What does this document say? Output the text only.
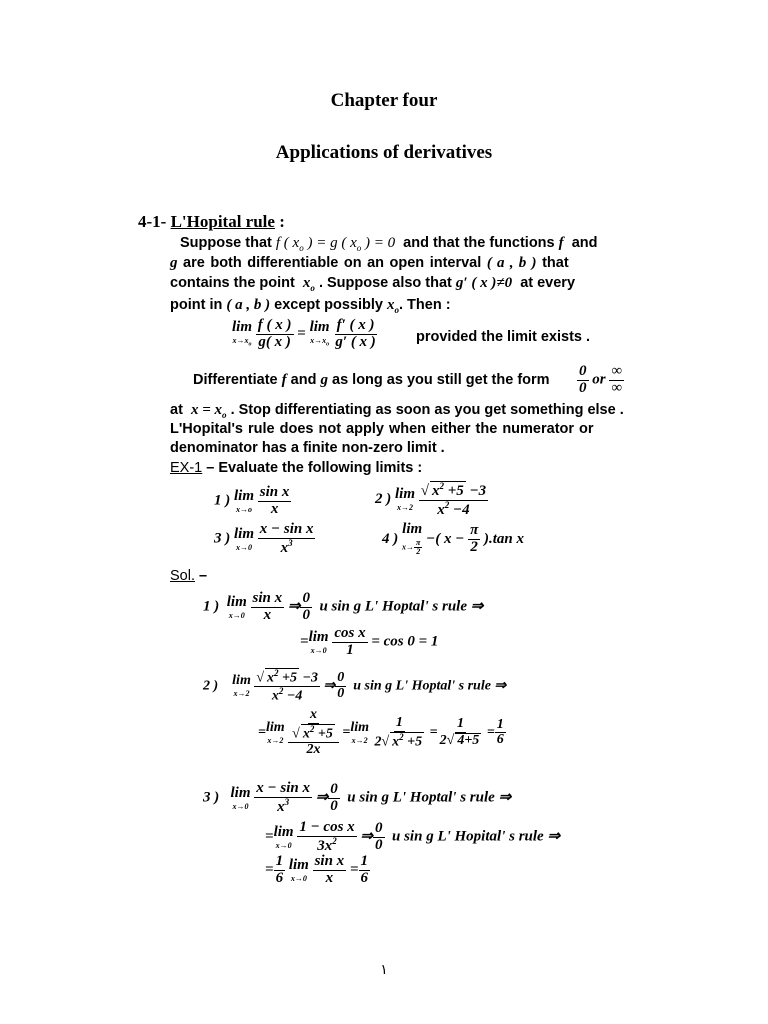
Chapter four
Applications of derivatives
4-1- L'Hopital rule :
Suppose that f ( $x_o$ ) = g ( $x_o$ ) = 0 and that the functions f and
g are both differentiable on an open interval ( a , b ) that
contains the point $x_o$ . Suppose also that g′ ( x )≠0 at every
point in ( a , b ) except possibly $x_o$. Then :
lim
$x\to x_o$
$\frac{f ( x )}{g( x )} = \lim$
$x\to x_o$
$\frac{f' ( x )}{g' ( x )}$	provided the limit exists .
Differentiate f and g as long as you still get the form $\frac{0}{0}$ or $\frac{\infty}{\infty}$
at $x = x_o$ . Stop differentiating as soon as you get something else .
L'Hopital's rule does not apply when either the numerator or
denominator has a finite non-zero limit .
EX-1 – Evaluate the following limits :
1 ) lim
x→o
$\frac{\text{sin x}}{x}$	2 ) lim
x→2
$\frac{√ x^2 +5 -3}{x^2 -4}$
3 ) lim
x→0
$\frac{\text{x − sin x}}{x^3}$	4 )
lim
$x\to \frac{\pi}{2}$
−( $x - \frac{\pi}{2} ).\tan$ x
Sol. –
1 ) lim
x→0
$\frac{\text{sin x}}{x}$ ⇒ $\frac{0}{0}$ u sin g L' Hoptal' s rule ⇒
= lim
x→0
$\frac{\text{cos x}}{1} = \cos 0 = 1$
2 ) lim
x→2
$\frac{√ x^2 +5 -3}{x^2 -4}$ ⇒ $\frac{0}{0}$ u sin g L' Hoptal' s rule ⇒
= lim
x→2
$\frac{\frac{x}{√ x^2 +5}}{2x} = \lim$
x→2
$\frac{1}{2√ x^2 +5} = \frac{1}{2√ 4+5} = \frac{1}{6}$
3 ) lim
x→0
$\frac{\text{x − sin x}}{x^3}$ ⇒ $\frac{0}{0}$ u sin g L' Hoptal' s rule ⇒
= lim
x→0
$\frac{\text{1 − cos x}}{3x^2}$ ⇒ $\frac{0}{0}$ u sin g L' Hopital' s rule ⇒
= $\frac{1}{6}$
lim
x→0
$\frac{\text{sin x}}{x} = \frac{1}{6}$
١
